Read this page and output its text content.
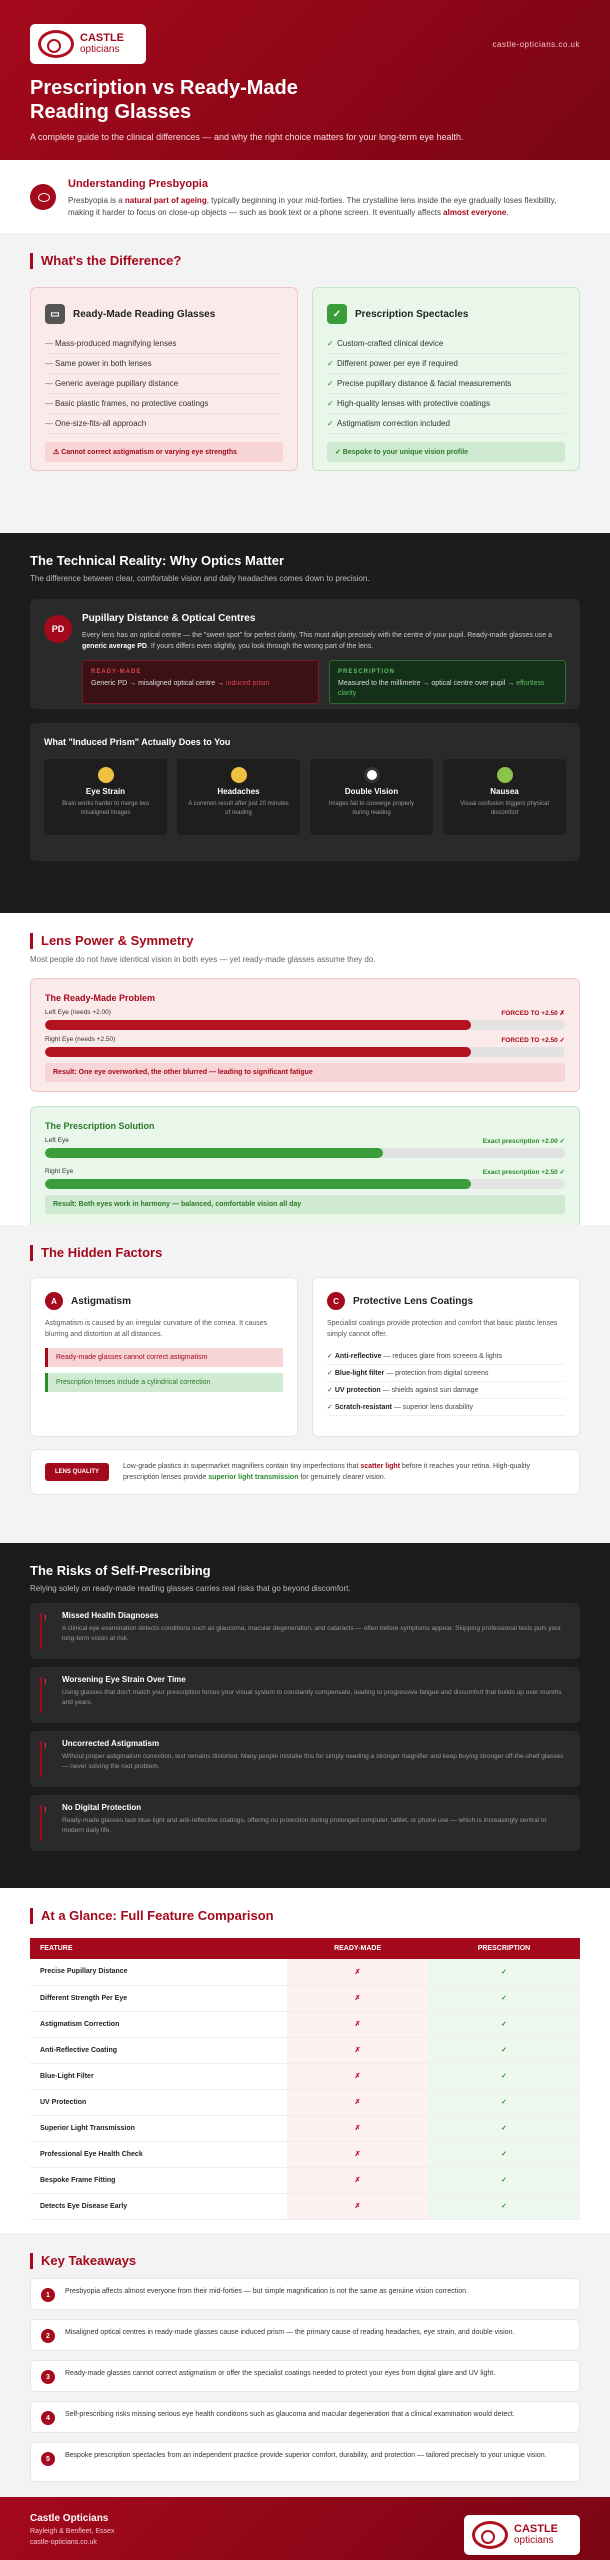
CASTLE
opticians	castle-opticians.co.uk
Prescription vs Ready-Made
Reading Glasses
A complete guide to the clinical differences — and why the right choice matters for your long-term eye health.
Understanding Presbyopia
Presbyopia is a natural part of ageing, typically beginning in your mid-forties. The crystalline lens inside the eye gradually loses flexibility, making it harder to focus on close-up objects — such as book text or a phone screen. It eventually affects almost everyone.
What's the Difference?
▭	Ready-Made Reading Glasses
— Mass-produced magnifying lenses
— Same power in both lenses
— Generic average pupillary distance
— Basic plastic frames, no protective coatings
— One-size-fits-all approach
⚠ Cannot correct astigmatism or varying eye strengths
✓	Prescription Spectacles
✓ Custom-crafted clinical device
✓ Different power per eye if required
✓ Precise pupillary distance & facial measurements
✓ High-quality lenses with protective coatings
✓ Astigmatism correction included
✓ Bespoke to your unique vision profile
The Technical Reality: Why Optics Matter
The difference between clear, comfortable vision and daily headaches comes down to precision.
PD
Pupillary Distance & Optical Centres
Every lens has an optical centre — the "sweet spot" for perfect clarity. This must align precisely with the centre of your pupil. Ready-made glasses use a generic average PD. If yours differs even slightly, you look through the wrong part of the lens.
READY-MADE
Generic PD → misaligned optical centre → induced prism
PRESCRIPTION
Measured to the millimetre → optical centre over pupil → effortless clarity
What "Induced Prism" Actually Does to You
Eye Strain
Brain works harder to merge two misaligned images
Headaches
A common result after just 20 minutes of reading
Double Vision
Images fail to converge properly during reading
Nausea
Visual confusion triggers physical discomfort
Lens Power & Symmetry
Most people do not have identical vision in both eyes — yet ready-made glasses assume they do.
The Ready-Made Problem
Left Eye (needs +2.00)	FORCED TO +2.50 ✗
Right Eye (needs +2.50)	FORCED TO +2.50 ✓
Result: One eye overworked, the other blurred — leading to significant fatigue
The Prescription Solution
Left Eye	Exact prescription +2.00 ✓
Right Eye	Exact prescription +2.50 ✓
Result: Both eyes work in harmony — balanced, comfortable vision all day
The Hidden Factors
A	Astigmatism
Astigmatism is caused by an irregular curvature of the cornea. It causes blurring and distortion at all distances.
Ready-made glasses cannot correct astigmatism
Prescription lenses include a cylindrical correction
C	Protective Lens Coatings
Specialist coatings provide protection and comfort that basic plastic lenses simply cannot offer.
✓ Anti-reflective — reduces glare from screens & lights
✓ Blue-light filter — protection from digital screens
✓ UV protection — shields against sun damage
✓ Scratch-resistant — superior lens durability
LENS QUALITY
Low-grade plastics in supermarket magnifiers contain tiny imperfections that scatter light before it reaches your retina. High-quality prescription lenses provide superior light transmission for genuinely clearer vision.
The Risks of Self-Prescribing
Relying solely on ready-made reading glasses carries real risks that go beyond discomfort.
! Missed Health Diagnoses
A clinical eye examination detects conditions such as glaucoma, macular degeneration, and cataracts — often before symptoms appear. Skipping professional tests puts your long-term vision at risk.
! Worsening Eye Strain Over Time
Using glasses that don't match your prescription forces your visual system to constantly compensate, leading to progressive fatigue and discomfort that builds up over months and years.
! Uncorrected Astigmatism
Without proper astigmatism correction, text remains distorted. Many people mistake this for simply needing a stronger magnifier and keep buying stronger off-the-shelf glasses — never solving the root problem.
! No Digital Protection
Ready-made glasses lack blue-light and anti-reflective coatings, offering no protection during prolonged computer, tablet, or phone use — which is increasingly central to modern daily life.
At a Glance: Full Feature Comparison
FEATURE	READY-MADE	PRESCRIPTION
Precise Pupillary Distance	✗	✓
Different Strength Per Eye	✗	✓
Astigmatism Correction	✗	✓
Anti-Reflective Coating	✗	✓
Blue-Light Filter	✗	✓
UV Protection	✗	✓
Superior Light Transmission	✗	✓
Professional Eye Health Check	✗	✓
Bespoke Frame Fitting	✗	✓
Detects Eye Disease Early	✗	✓
Key Takeaways
1	Presbyopia affects almost everyone from their mid-forties — but simple magnification is not the same as genuine vision correction.
2	Misaligned optical centres in ready-made glasses cause induced prism — the primary cause of reading headaches, eye strain, and double vision.
3	Ready-made glasses cannot correct astigmatism or offer the specialist coatings needed to protect your eyes from digital glare and UV light.
4	Self-prescribing risks missing serious eye health conditions such as glaucoma and macular degeneration that a clinical examination would detect.
5	Bespoke prescription spectacles from an independent practice provide superior comfort, durability, and protection — tailored precisely to your unique vision.
Castle Opticians
Rayleigh & Benfleet, Essex
castle-opticians.co.uk
CASTLE
opticians
